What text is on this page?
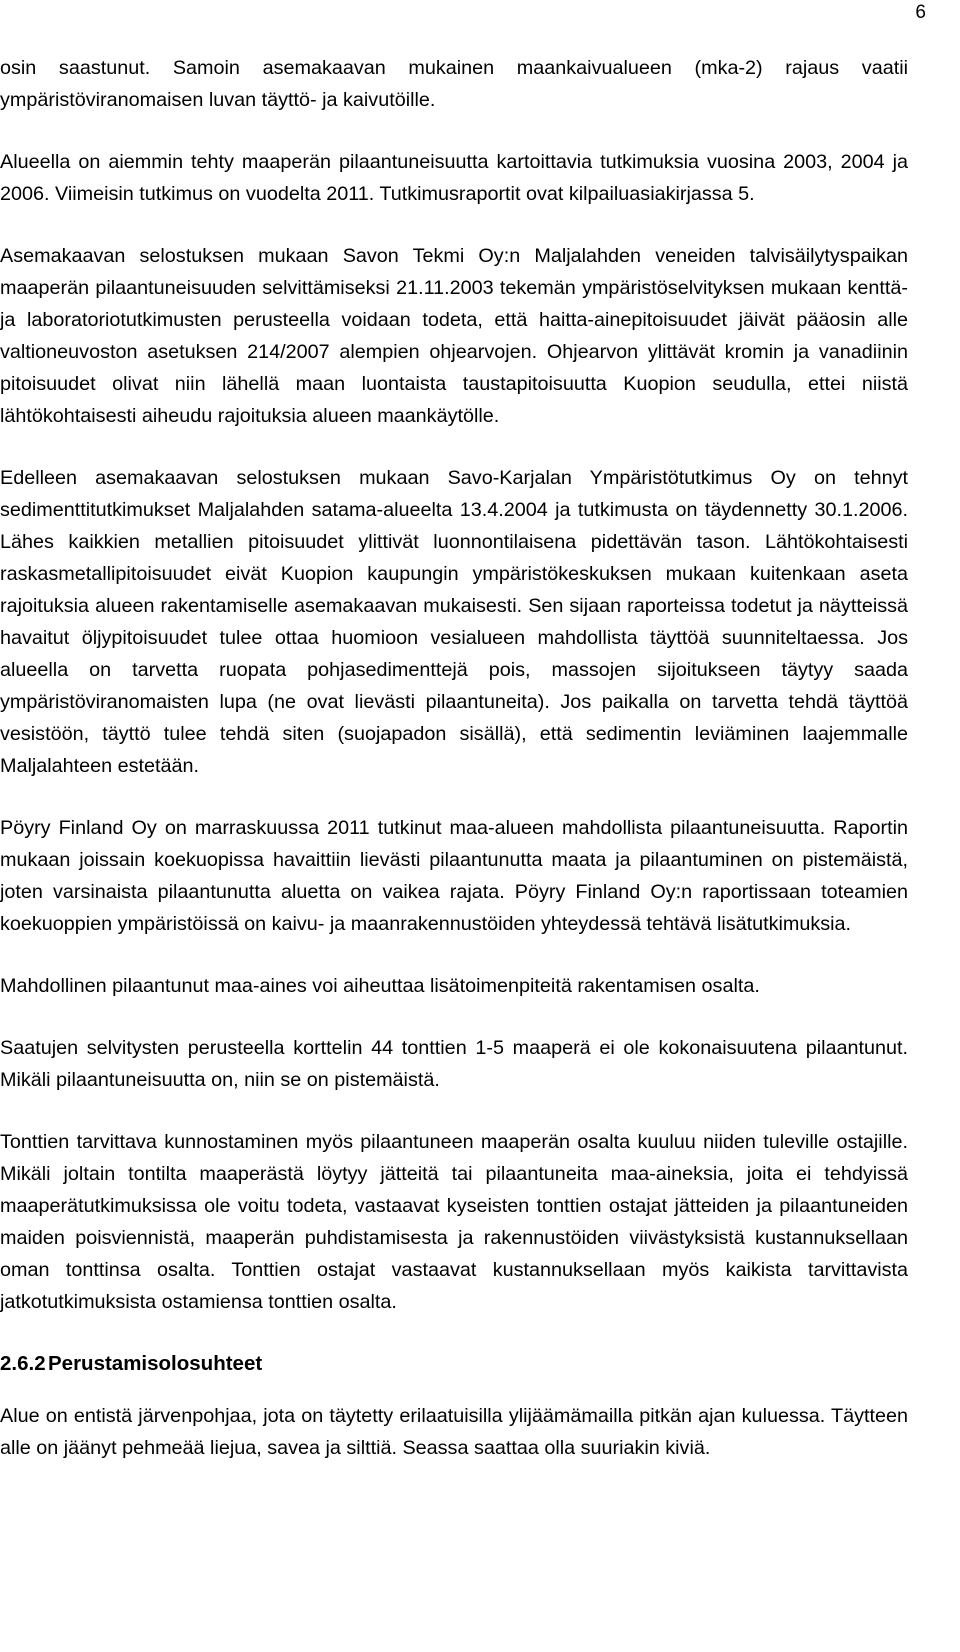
6

osin saastunut. Samoin asemakaavan mukainen maankaivualueen (mka-2) rajaus vaatii ympäristöviranomaisen luvan täyttö- ja kaivutöille.

Alueella on aiemmin tehty maaperän pilaantuneisuutta kartoittavia tutkimuksia vuosina 2003, 2004 ja 2006. Viimeisin tutkimus on vuodelta 2011. Tutkimusraportit ovat kilpailuasiakirjassa 5.

Asemakaavan selostuksen mukaan Savon Tekmi Oy:n Maljalahden veneiden talvisäilytyspaikan maaperän pilaantuneisuuden selvittämiseksi 21.11.2003 tekemän ympäristöselvityksen mukaan kenttä- ja laboratoriotutkimusten perusteella voidaan todeta, että haitta-ainepitoisuudet jäivät pääosin alle valtioneuvoston asetuksen 214/2007 alempien ohjearvojen. Ohjearvon ylittävät kromin ja vanadiinin pitoisuudet olivat niin lähellä maan luontaista taustapitoisuutta Kuopion seudulla, ettei niistä lähtökohtaisesti aiheudu rajoituksia alueen maankäytölle.

Edelleen asemakaavan selostuksen mukaan Savo-Karjalan Ympäristötutkimus Oy on tehnyt sedimenttitutkimukset Maljalahden satama-alueelta 13.4.2004 ja tutkimusta on täydennetty 30.1.2006. Lähes kaikkien metallien pitoisuudet ylittivät luonnontilaisena pidettävän tason. Lähtökohtaisesti raskasmetallipitoisuudet eivät Kuopion kaupungin ympäristökeskuksen mukaan kuitenkaan aseta rajoituksia alueen rakentamiselle asemakaavan mukaisesti. Sen sijaan raporteissa todetut ja näytteissä havaitut öljypitoisuudet tulee ottaa huomioon vesialueen mahdollista täyttöä suunniteltaessa. Jos alueella on tarvetta ruopata pohjasedimenttejä pois, massojen sijoitukseen täytyy saada ympäristöviranomaisten lupa (ne ovat lievästi pilaantuneita). Jos paikalla on tarvetta tehdä täyttöä vesistöön, täyttö tulee tehdä siten (suojapadon sisällä), että sedimentin leviäminen laajemmalle Maljalahteen estetään.

Pöyry Finland Oy on marraskuussa 2011 tutkinut maa-alueen mahdollista pilaantuneisuutta. Raportin mukaan joissain koekuopissa havaittiin lievästi pilaantunutta maata ja pilaantuminen on pistemäistä, joten varsinaista pilaantunutta aluetta on vaikea rajata. Pöyry Finland Oy:n raportissaan toteamien koekuoppien ympäristöissä on kaivu- ja maanrakennustöiden yhteydessä tehtävä lisätutkimuksia.

Mahdollinen pilaantunut maa-aines voi aiheuttaa lisätoimenpiteitä rakentamisen osalta.

Saatujen selvitysten perusteella korttelin 44 tonttien 1-5 maaperä ei ole kokonaisuutena pilaantunut. Mikäli pilaantuneisuutta on, niin se on pistemäistä.

Tonttien tarvittava kunnostaminen myös pilaantuneen maaperän osalta kuuluu niiden tuleville ostajille. Mikäli joltain tontilta maaperästä löytyy jätteitä tai pilaantuneita maa-aineksia, joita ei tehdyissä maaperätutkimuksissa ole voitu todeta, vastaavat kyseisten tonttien ostajat jätteiden ja pilaantuneiden maiden poisviennistä, maaperän puhdistamisesta ja rakennustöiden viivästyksistä kustannuksellaan oman tonttinsa osalta. Tonttien ostajat vastaavat kustannuksellaan myös kaikista tarvittavista jatkotutkimuksista ostamiensa tonttien osalta.

2.6.2 Perustamisolosuhteet

Alue on entistä järvenpohjaa, jota on täytetty erilaatuisilla ylijäämämailla pitkän ajan kuluessa. Täytteen alle on jäänyt pehmeää liejua, savea ja silttiä. Seassa saattaa olla suuriakin kiviä.
